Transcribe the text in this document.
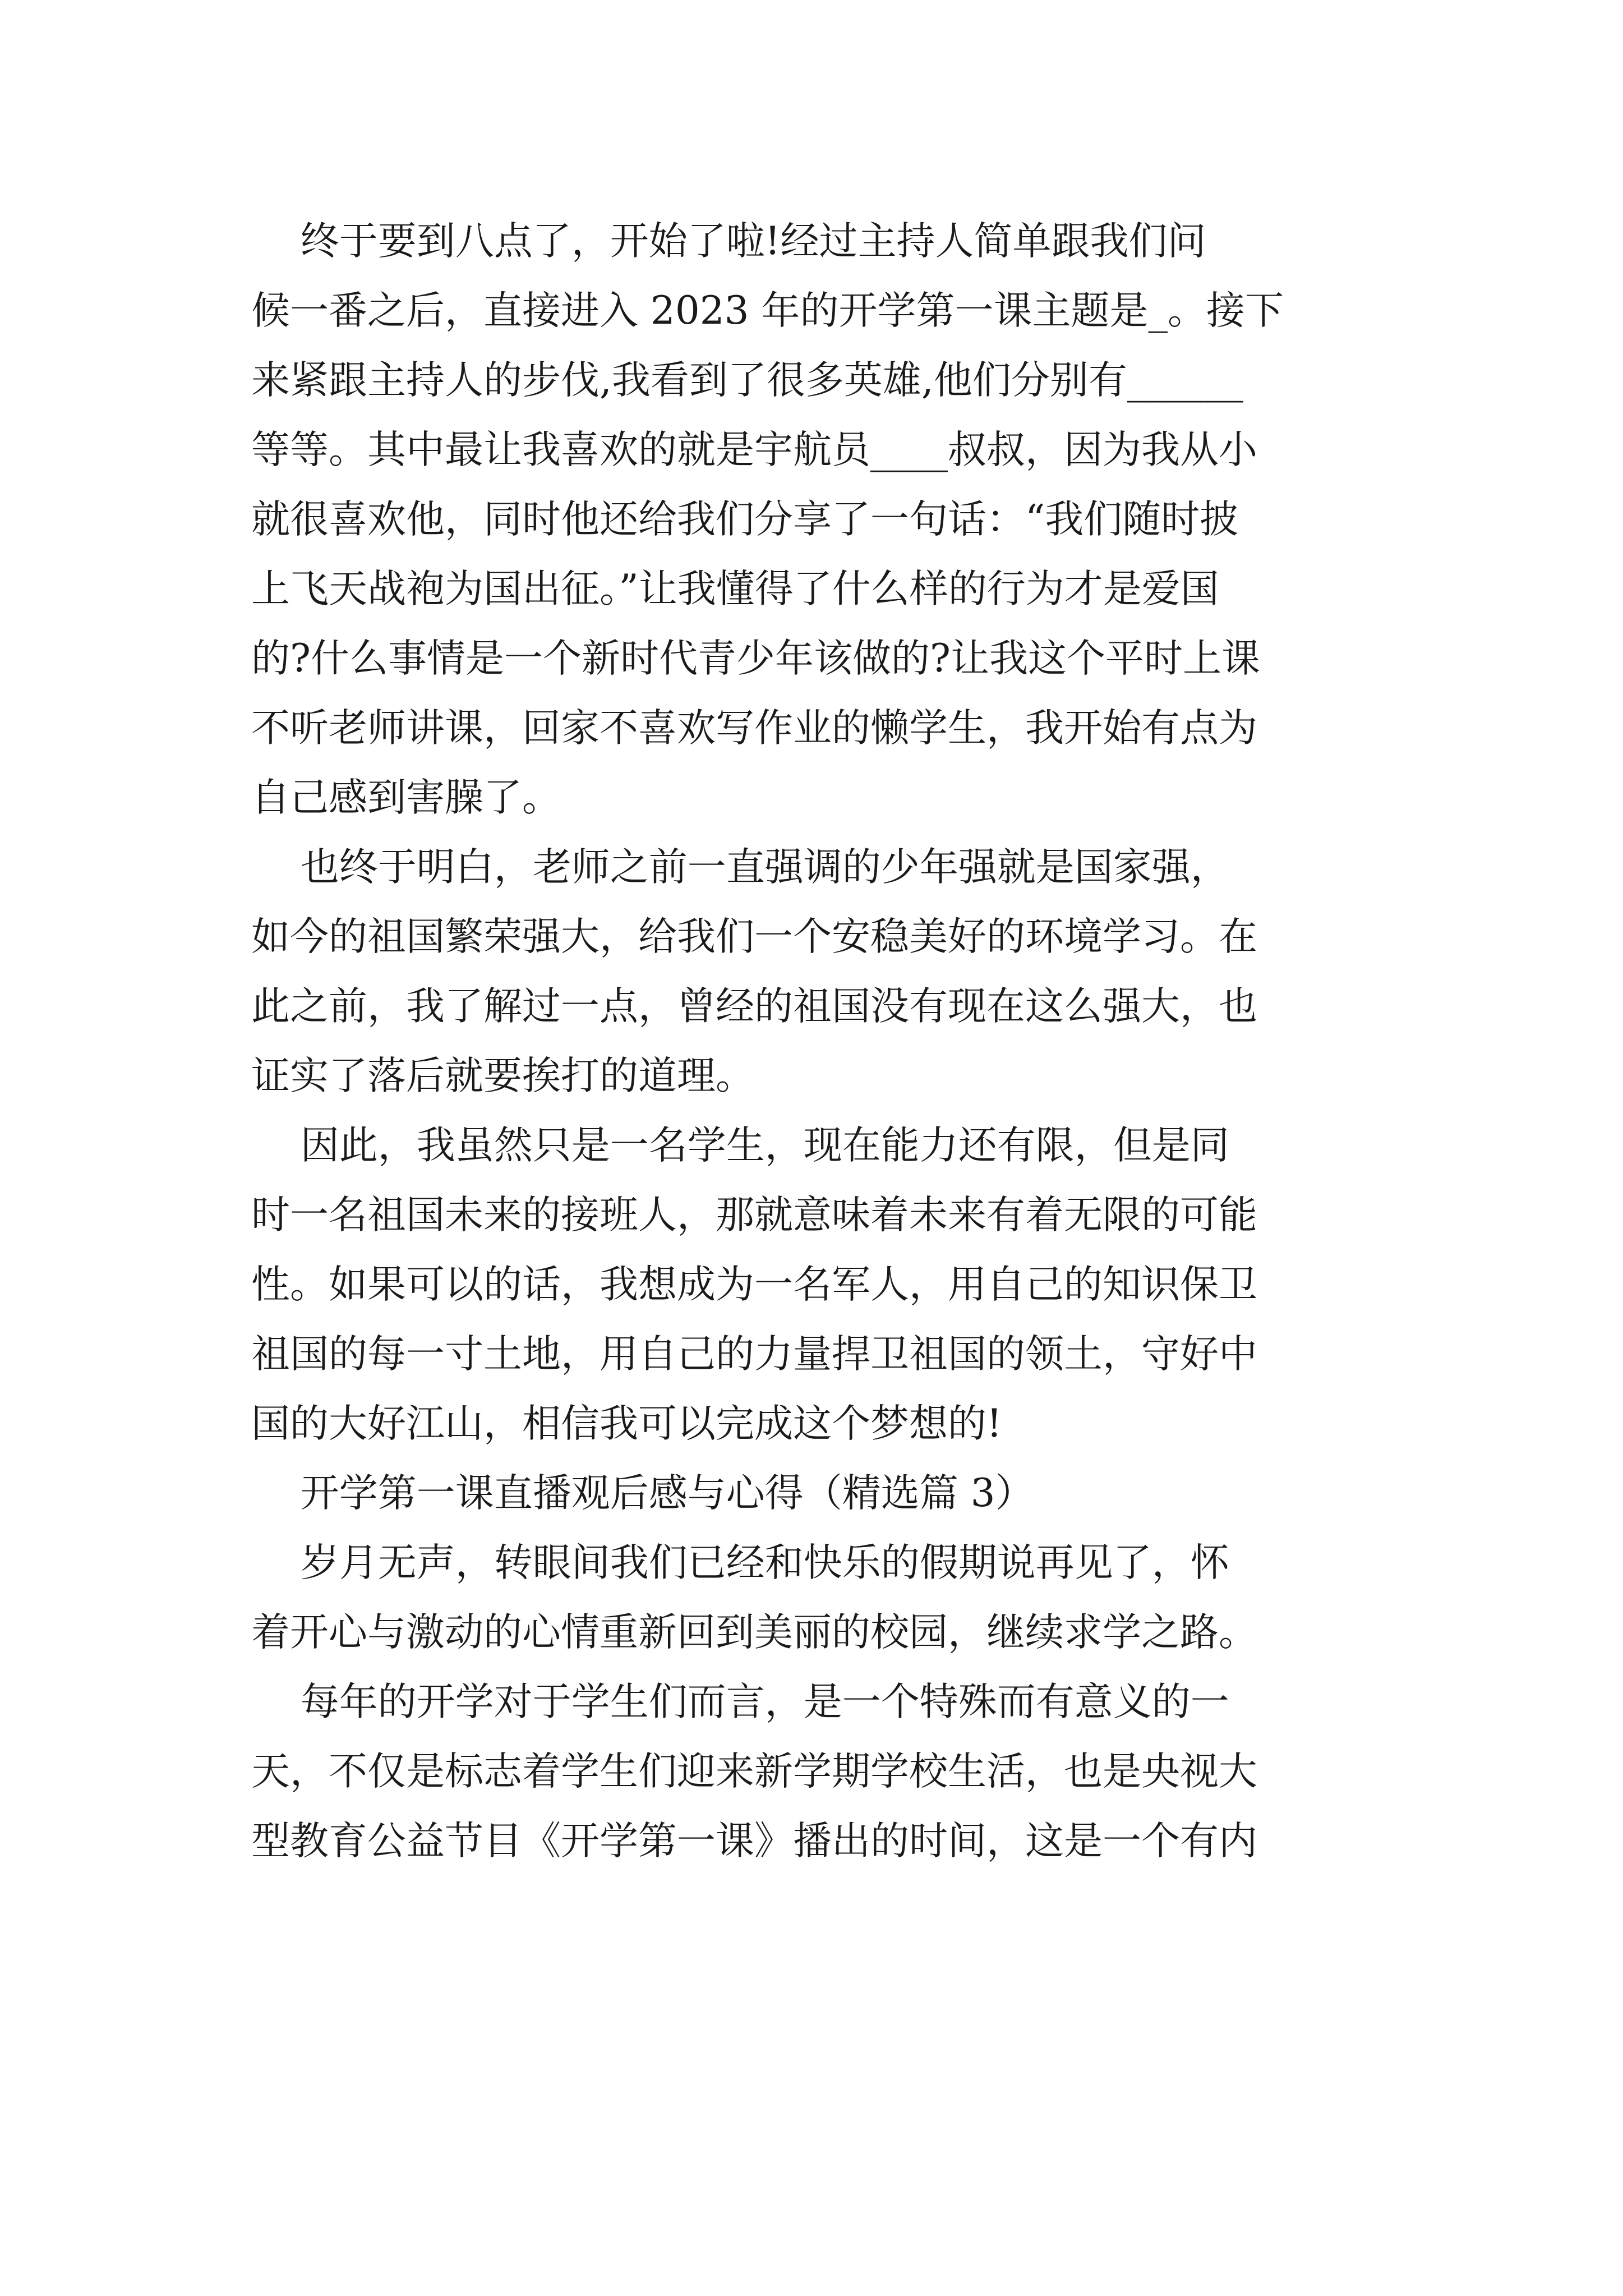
终于要到八点了，开始了啦!经过主持人简单跟我们问
候一番之后，直接进入 2023 年的开学第一课主题是_。接下
来紧跟主持人的步伐,我看到了很多英雄,他们分别有______
等等。其中最让我喜欢的就是宇航员____叔叔，因为我从小
就很喜欢他，同时他还给我们分享了一句话：“我们随时披
上飞天战袍为国出征。”让我懂得了什么样的行为才是爱国
的?什么事情是一个新时代青少年该做的?让我这个平时上课
不听老师讲课，回家不喜欢写作业的懒学生，我开始有点为
自己感到害臊了。
也终于明白，老师之前一直强调的少年强就是国家强，
如今的祖国繁荣强大，给我们一个安稳美好的环境学习。在
此之前，我了解过一点，曾经的祖国没有现在这么强大，也
证实了落后就要挨打的道理。
因此，我虽然只是一名学生，现在能力还有限，但是同
时一名祖国未来的接班人，那就意味着未来有着无限的可能
性。如果可以的话，我想成为一名军人，用自己的知识保卫
祖国的每一寸土地，用自己的力量捍卫祖国的领土，守好中
国的大好江山，相信我可以完成这个梦想的!
开学第一课直播观后感与心得（精选篇 3）
岁月无声，转眼间我们已经和快乐的假期说再见了，怀
着开心与激动的心情重新回到美丽的校园，继续求学之路。
每年的开学对于学生们而言，是一个特殊而有意义的一
天，不仅是标志着学生们迎来新学期学校生活，也是央视大
型教育公益节目《开学第一课》播出的时间，这是一个有内
